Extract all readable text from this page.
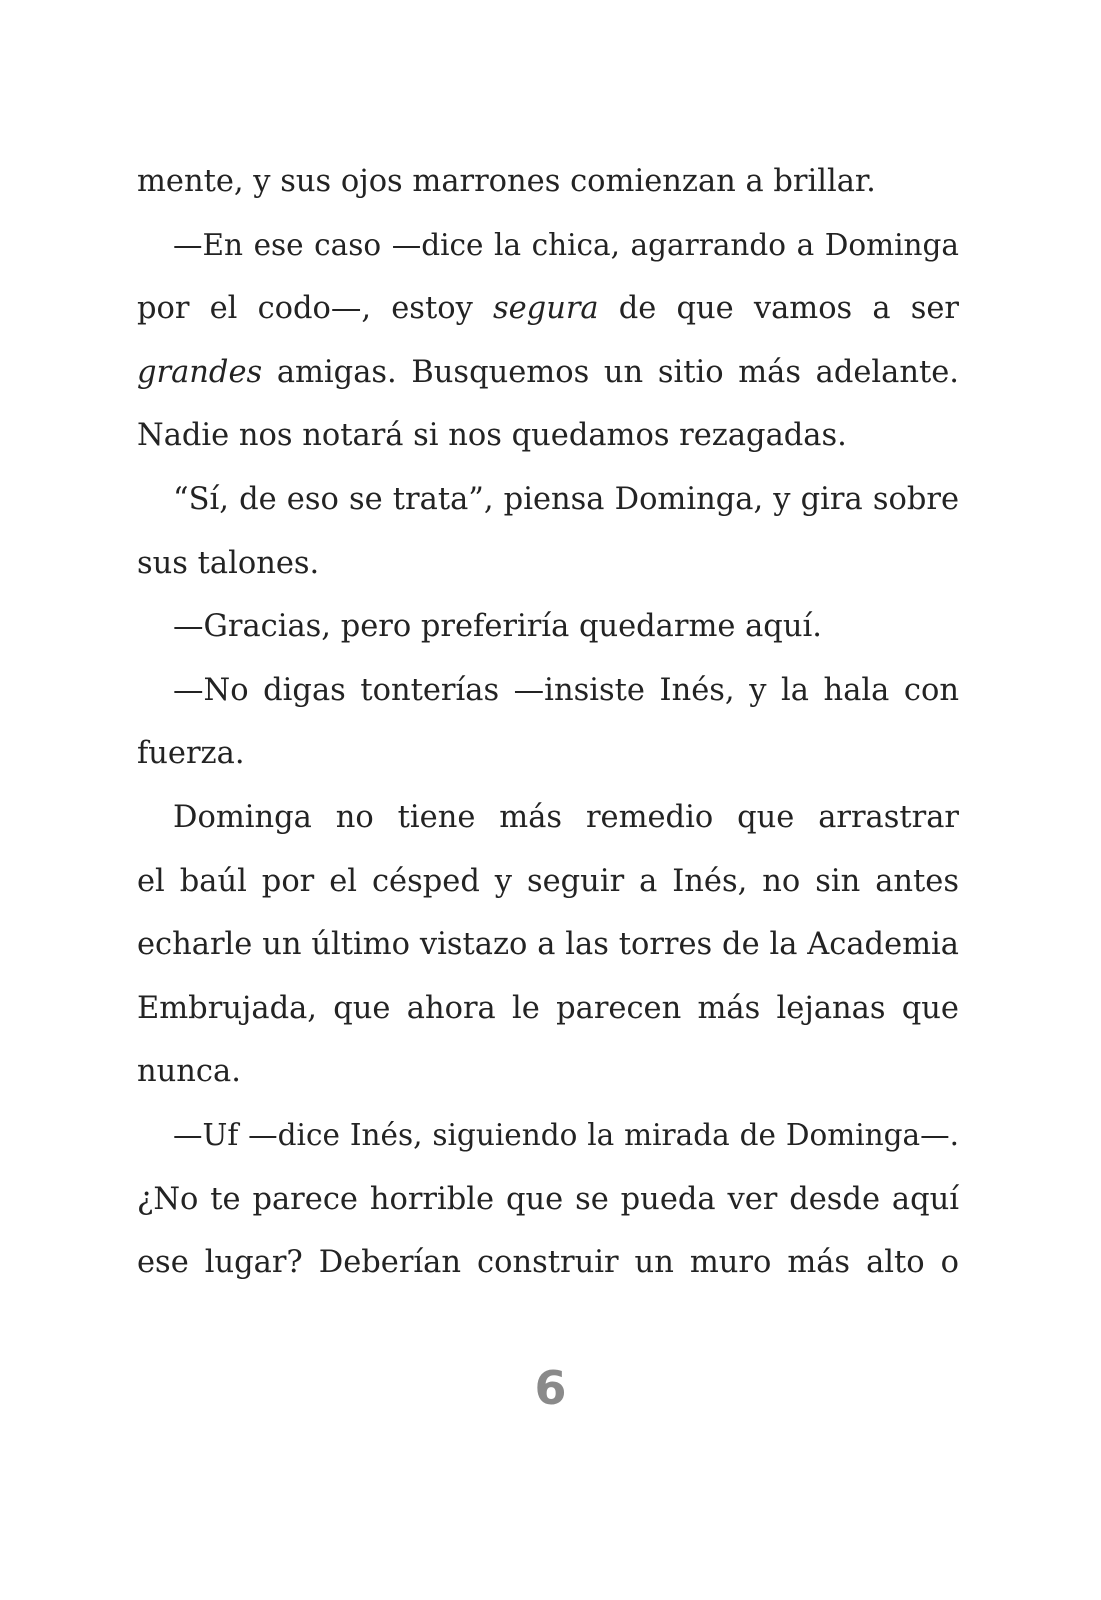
mente, y sus ojos marrones comienzan a brillar.
—En ese caso —dice la chica, agarrando a Dominga
por el codo—, estoy segura de que vamos a ser
grandes amigas. Busquemos un sitio más adelante.
Nadie nos notará si nos quedamos rezagadas.
“Sí, de eso se trata”, piensa Dominga, y gira sobre
sus talones.
—Gracias, pero preferiría quedarme aquí.
—No digas tonterías —insiste Inés, y la hala con
fuerza.
Dominga no tiene más remedio que arrastrar
el baúl por el césped y seguir a Inés, no sin antes
echarle un último vistazo a las torres de la Academia
Embrujada, que ahora le parecen más lejanas que
nunca.
—Uf —dice Inés, siguiendo la mirada de Dominga—.
¿No te parece horrible que se pueda ver desde aquí
ese lugar? Deberían construir un muro más alto o
6
